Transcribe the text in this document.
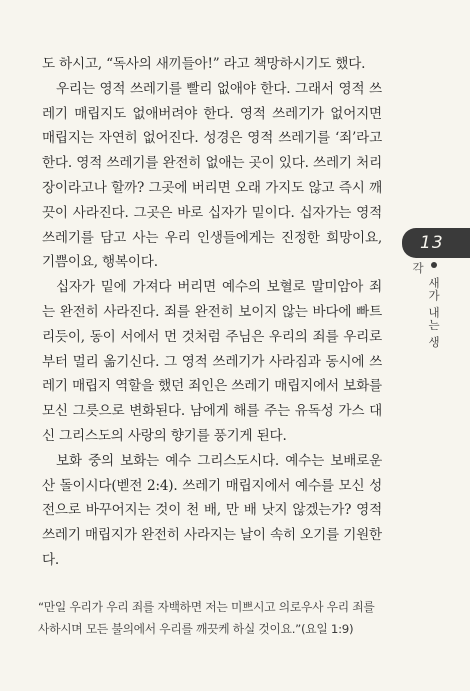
도 하시고, “독사의 새끼들아!” 라고 책망하시기도 했다.

우리는 영적 쓰레기를 빨리 없애야 한다. 그래서 영적 쓰레기 매립지도 없애버려야 한다. 영적 쓰레기가 없어지면 매립지는 자연히 없어진다. 성경은 영적 쓰레기를 ‘죄’라고 한다. 영적 쓰레기를 완전히 없애는 곳이 있다. 쓰레기 처리장이라고나 할까? 그곳에 버리면 오래 가지도 않고 즉시 깨끗이 사라진다. 그곳은 바로 십자가 밑이다. 십자가는 영적 쓰레기를 담고 사는 우리 인생들에게는 진정한 희망이요, 기쁨이요, 행복이다.

십자가 밑에 가져다 버리면 예수의 보혈로 말미암아 죄는 완전히 사라진다. 죄를 완전히 보이지 않는 바다에 빠트리듯이, 동이 서에서 먼 것처럼 주님은 우리의 죄를 우리로부터 멀리 옮기신다. 그 영적 쓰레기가 사라짐과 동시에 쓰레기 매립지 역할을 했던 죄인은 쓰레기 매립지에서 보화를 모신 그릇으로 변화된다. 남에게 해를 주는 유독성 가스 대신 그리스도의 사랑의 향기를 풍기게 된다.

보화 중의 보화는 예수 그리스도시다. 예수는 보배로운 산 돌이시다(벧전 2:4). 쓰레기 매립지에서 예수를 모신 성전으로 바꾸어지는 것이 천 배, 만 배 낫지 않겠는가? 영적 쓰레기 매립지가 완전히 사라지는 날이 속히 오기를 기원한다.

13
새가 내는 생각
“만일 우리가 우리 죄를 자백하면 저는 미쁘시고 의로우사 우리 죄를 사하시며 모든 불의에서 우리를 깨끗케 하실 것이요.”(요일 1:9)
